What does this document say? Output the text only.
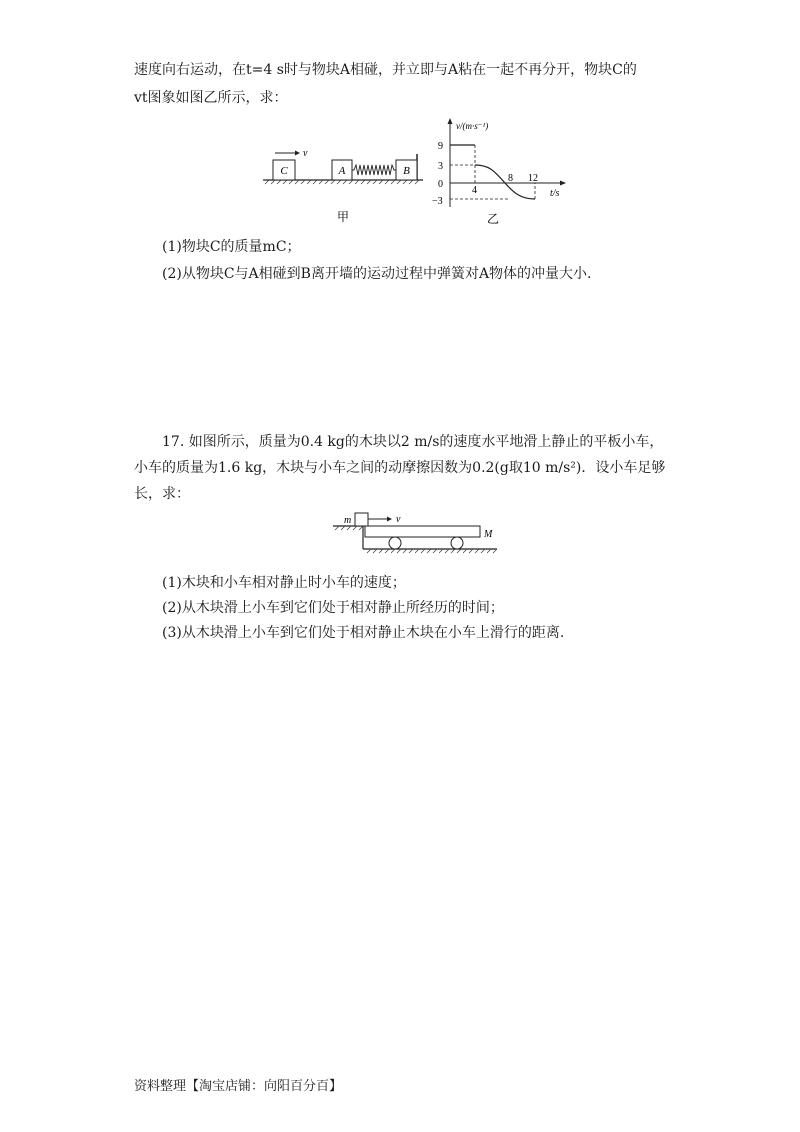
速度向右运动，在t=4 s时与物块A相碰，并立即与A粘在一起不再分开，物块C的
vt图象如图乙所示，求：
C
v
A	B
甲
v/(m·s⁻¹)
t/s
9
3
0
−3
4
8 12
乙
(1)物块C的质量mC；
(2)从物块C与A相碰到B离开墙的运动过程中弹簧对A物体的冲量大小.
17. 如图所示，质量为0.4 kg的木块以2 m/s的速度水平地滑上静止的平板小车，
小车的质量为1.6 kg，木块与小车之间的动摩擦因数为0.2(g取10 m/s²)．设小车足够
长，求：
m	v
M
(1)木块和小车相对静止时小车的速度；
(2)从木块滑上小车到它们处于相对静止所经历的时间；
(3)从木块滑上小车到它们处于相对静止木块在小车上滑行的距离.
资料整理【淘宝店铺：向阳百分百】
